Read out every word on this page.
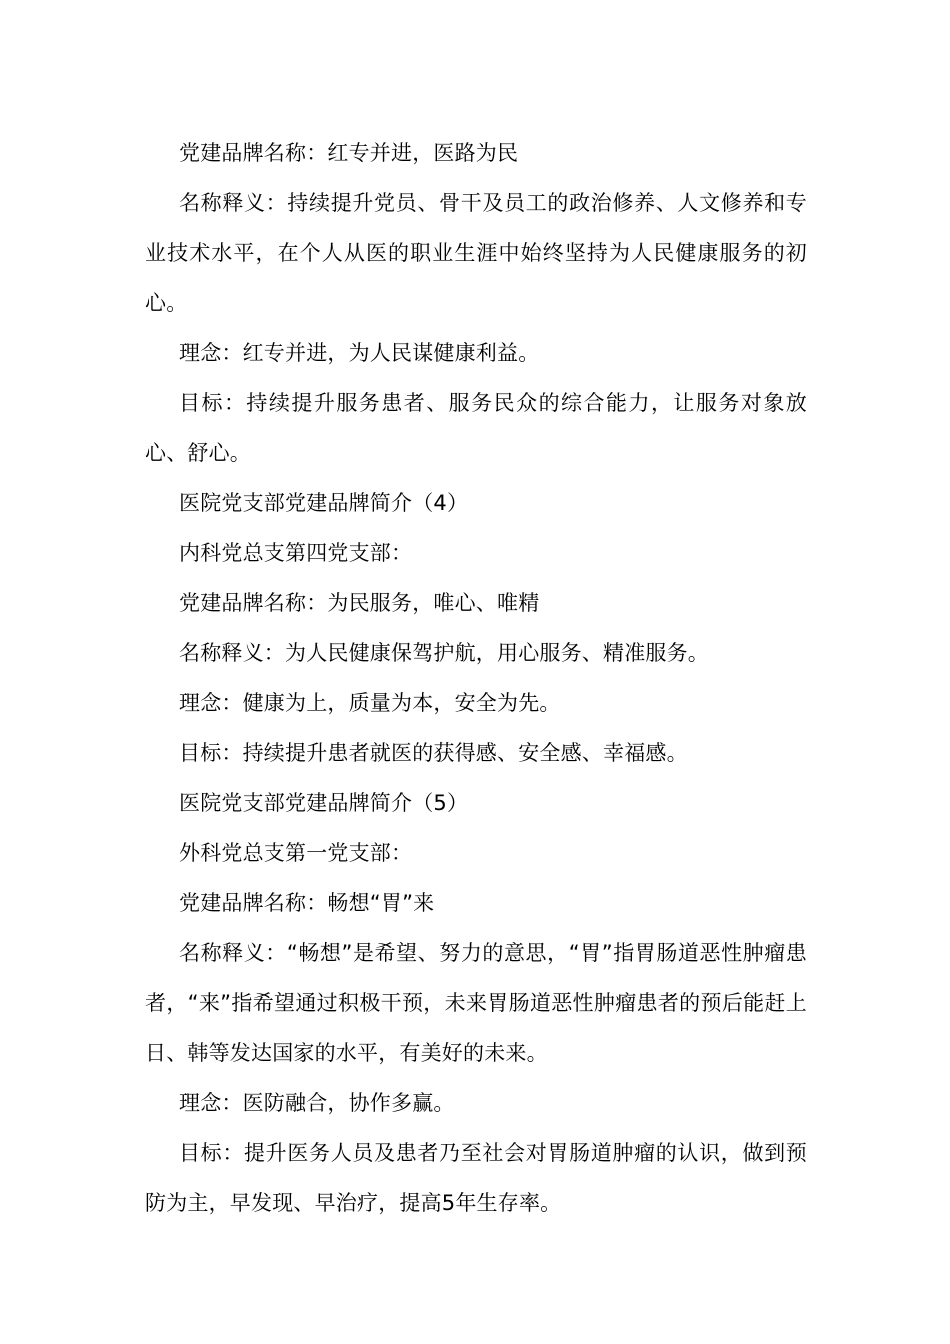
党建品牌名称：红专并进，医路为民

名称释义：持续提升党员、骨干及员工的政治修养、人文修养和专业技术水平，在个人从医的职业生涯中始终坚持为人民健康服务的初心。

理念：红专并进，为人民谋健康利益。

目标：持续提升服务患者、服务民众的综合能力，让服务对象放心、舒心。

医院党支部党建品牌简介（4）

内科党总支第四党支部：

党建品牌名称：为民服务，唯心、唯精

名称释义：为人民健康保驾护航，用心服务、精准服务。

理念：健康为上，质量为本，安全为先。

目标：持续提升患者就医的获得感、安全感、幸福感。

医院党支部党建品牌简介（5）

外科党总支第一党支部：

党建品牌名称：畅想“胃”来

名称释义：“畅想”是希望、努力的意思，“胃”指胃肠道恶性肿瘤患者，“来”指希望通过积极干预，未来胃肠道恶性肿瘤患者的预后能赶上日、韩等发达国家的水平，有美好的未来。

理念：医防融合，协作多赢。

目标：提升医务人员及患者乃至社会对胃肠道肿瘤的认识，做到预防为主，早发现、早治疗，提高5年生存率。
